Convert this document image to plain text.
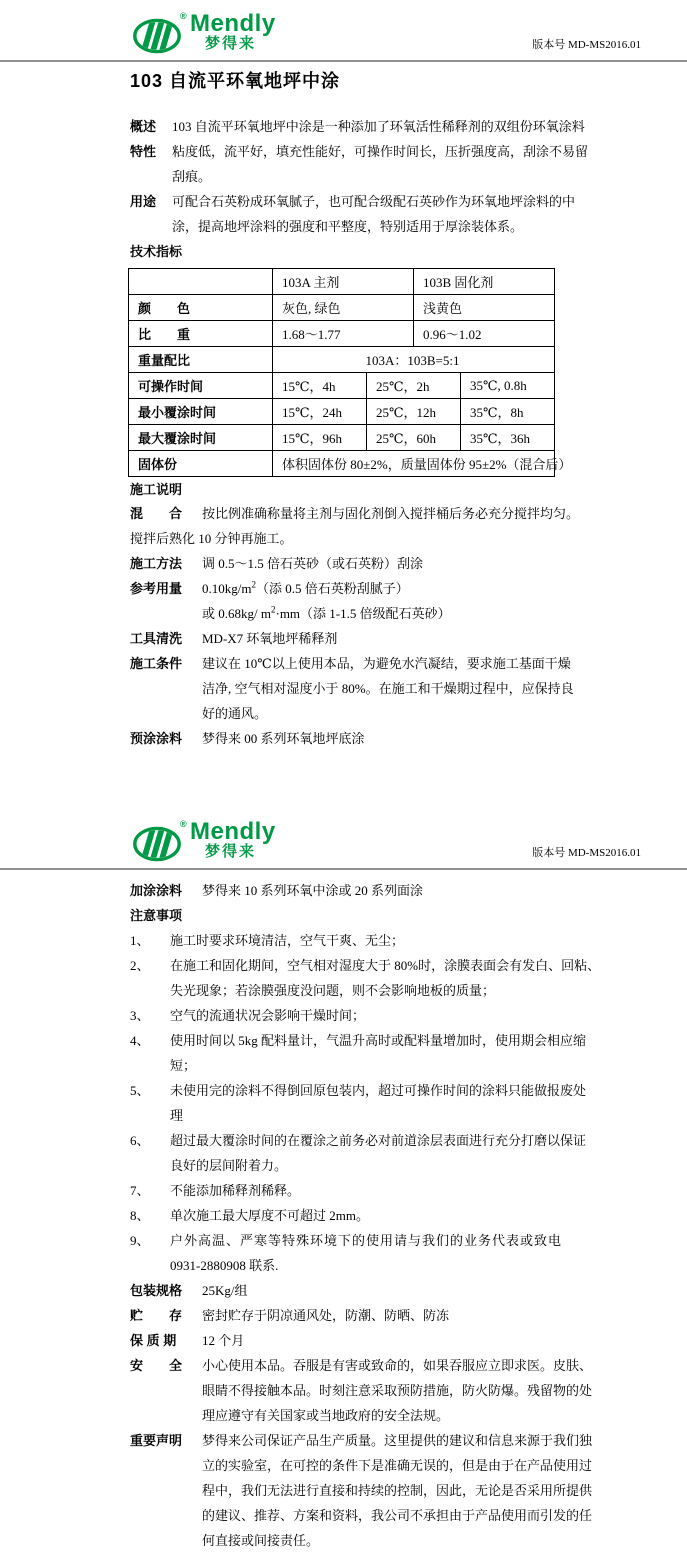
® Mendly
梦得来	版本号 MD-MS2016.01
103 自流平环氧地坪中涂
概述	103 自流平环氧地坪中涂是一种添加了环氧活性稀释剂的双组份环氧涂料
特性	粘度低，流平好，填充性能好，可操作时间长，压折强度高，刮涂不易留
刮痕。
用途	可配合石英粉成环氧腻子，也可配合级配石英砂作为环氧地坪涂料的中
涂，提高地坪涂料的强度和平整度，特别适用于厚涂装体系。
技术指标
	103A 主剂		103B 固化剂	
颜　　色	灰色, 绿色		浅黄色	
比　　重	1.68～1.77		0.96～1.02	
重量配比	103A：103B=5:1			
可操作时间	15℃，4h	25℃，2h		35℃, 0.8h
最小覆涂时间	15℃，24h	25℃，12h		35℃，8h
最大覆涂时间	15℃，96h	25℃，60h		35℃，36h
固体份	体积固体份 80±2%，质量固体份 95±2%（混合后）			
施工说明
混　　合	按比例准确称量将主剂与固化剂倒入搅拌桶后务必充分搅拌均匀。
搅拌后熟化 10 分钟再施工。
施工方法	调 0.5～1.5 倍石英砂（或石英粉）刮涂
参考用量	$0.10kg/m^2$（添 0.5 倍石英粉刮腻子）
或 0.68kg/ $m^2\cdot mm$（添 1-1.5 倍级配石英砂）
工具清洗	MD-X7 环氧地坪稀释剂
施工条件	建议在 10℃以上使用本品，为避免水汽凝结，要求施工基面干燥
洁净, 空气相对湿度小于 80%。在施工和干燥期过程中，应保持良
好的通风。
预涂涂料	梦得来 00 系列环氧地坪底涂
® Mendly
梦得来	版本号 MD-MS2016.01
加涂涂料	梦得来 10 系列环氧中涂或 20 系列面涂
注意事项
1、	施工时要求环境清洁，空气干爽、无尘；
2、	在施工和固化期间，空气相对湿度大于 80%时，涂膜表面会有发白、回粘、
失光现象；若涂膜强度没问题，则不会影响地板的质量；
3、	空气的流通状况会影响干燥时间；
4、	使用时间以 5kg 配料量计，气温升高时或配料量增加时，使用期会相应缩
短；
5、	未使用完的涂料不得倒回原包装内，超过可操作时间的涂料只能做报废处
理
6、	超过最大覆涂时间的在覆涂之前务必对前道涂层表面进行充分打磨以保证
良好的层间附着力。
7、	不能添加稀释剂稀释。
8、	单次施工最大厚度不可超过 2mm。
9、	户外高温、严寒等特殊环境下的使用请与我们的业务代表或致电
0931-2880908 联系.
包装规格	25Kg/组
贮　　存	密封贮存于阴凉通风处，防潮、防晒、防冻
保 质 期	12 个月
安　　全	小心使用本品。吞服是有害或致命的，如果吞服应立即求医。皮肤、
眼睛不得接触本品。时刻注意采取预防措施，防火防爆。残留物的处
理应遵守有关国家或当地政府的安全法规。
重要声明	梦得来公司保证产品生产质量。这里提供的建议和信息来源于我们独
立的实验室，在可控的条件下是准确无误的，但是由于在产品使用过
程中，我们无法进行直接和持续的控制，因此，无论是否采用所提供
的建议、推荐、方案和资料，我公司不承担由于产品使用而引发的任
何直接或间接责任。
